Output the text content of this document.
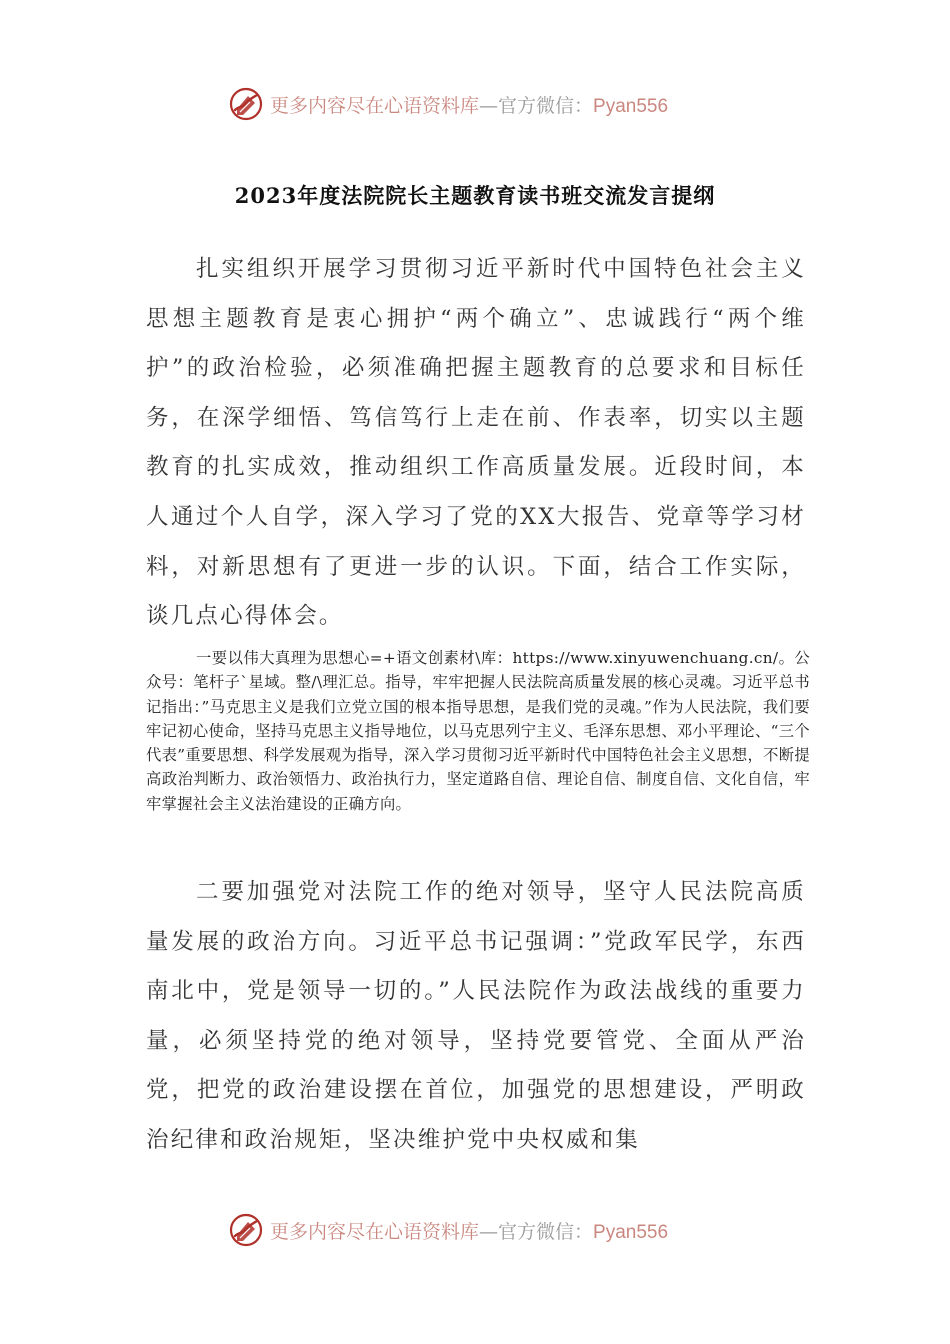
更多内容尽在心语资料库—官方微信：Pyan556
2023年度法院院长主题教育读书班交流发言提纲

扎实组织开展学习贯彻习近平新时代中国特色社会主义思想主题教育是衷心拥护“两个确立”、忠诚践行“两个维护”的政治检验，必须准确把握主题教育的总要求和目标任务，在深学细悟、笃信笃行上走在前、作表率，切实以主题教育的扎实成效，推动组织工作高质量发展。近段时间，本人通过个人自学，深入学习了党的XX大报告、党章等学习材料，对新思想有了更进一步的认识。下面，结合工作实际，谈几点心得体会。

一要以伟大真理为思想心=+语文创素材\库：https://www.xinyuwenchuang.cn/。公众号：笔杆子`星域。整/\理汇总。指导，牢牢把握人民法院高质量发展的核心灵魂。习近平总书记指出：”马克思主义是我们立党立国的根本指导思想，是我们党的灵魂。”作为人民法院，我们要牢记初心使命，坚持马克思主义指导地位，以马克思列宁主义、毛泽东思想、邓小平理论、“三个代表”重要思想、科学发展观为指导，深入学习贯彻习近平新时代中国特色社会主义思想，不断提高政治判断力、政治领悟力、政治执行力，坚定道路自信、理论自信、制度自信、文化自信，牢牢掌握社会主义法治建设的正确方向。

二要加强党对法院工作的绝对领导，坚守人民法院高质量发展的政治方向。习近平总书记强调：”党政军民学，东西南北中，党是领导一切的。”人民法院作为政法战线的重要力量，必须坚持党的绝对领导，坚持党要管党、全面从严治党，把党的政治建设摆在首位，加强党的思想建设，严明政治纪律和政治规矩，坚决维护党中央权威和集

更多内容尽在心语资料库—官方微信：Pyan556
